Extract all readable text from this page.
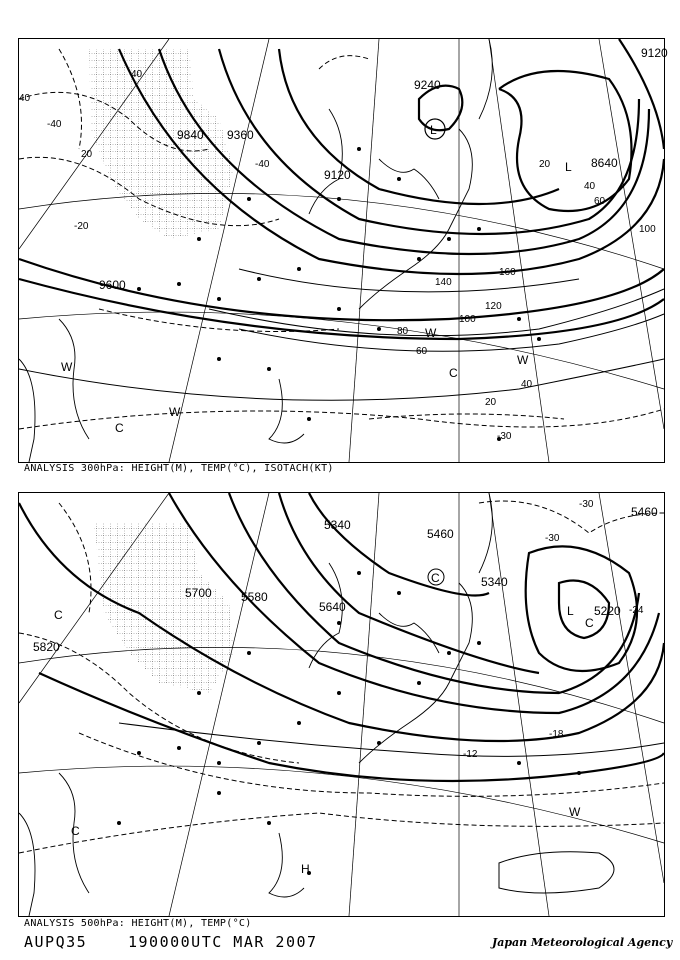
9600
9840 9360
9120
9240
8640
9120
40
40
20
20
60
40
100
140
160
120
100
80
60
40
20
-40
-40
-20
-30
L
L
W
W
W
W
C
C
ANALYSIS 300hPa: HEIGHT(M), TEMP(°C), ISOTACH(KT)
5340
5460
5460
5700 5580
5820
5340
5220
5640
-30
-30
-18
-12
-24
L
C
C
C
C
W
H
ANALYSIS 500hPa: HEIGHT(M), TEMP(°C)
AUPQ35	190000UTC MAR 2007	Japan Meteorological Agency
